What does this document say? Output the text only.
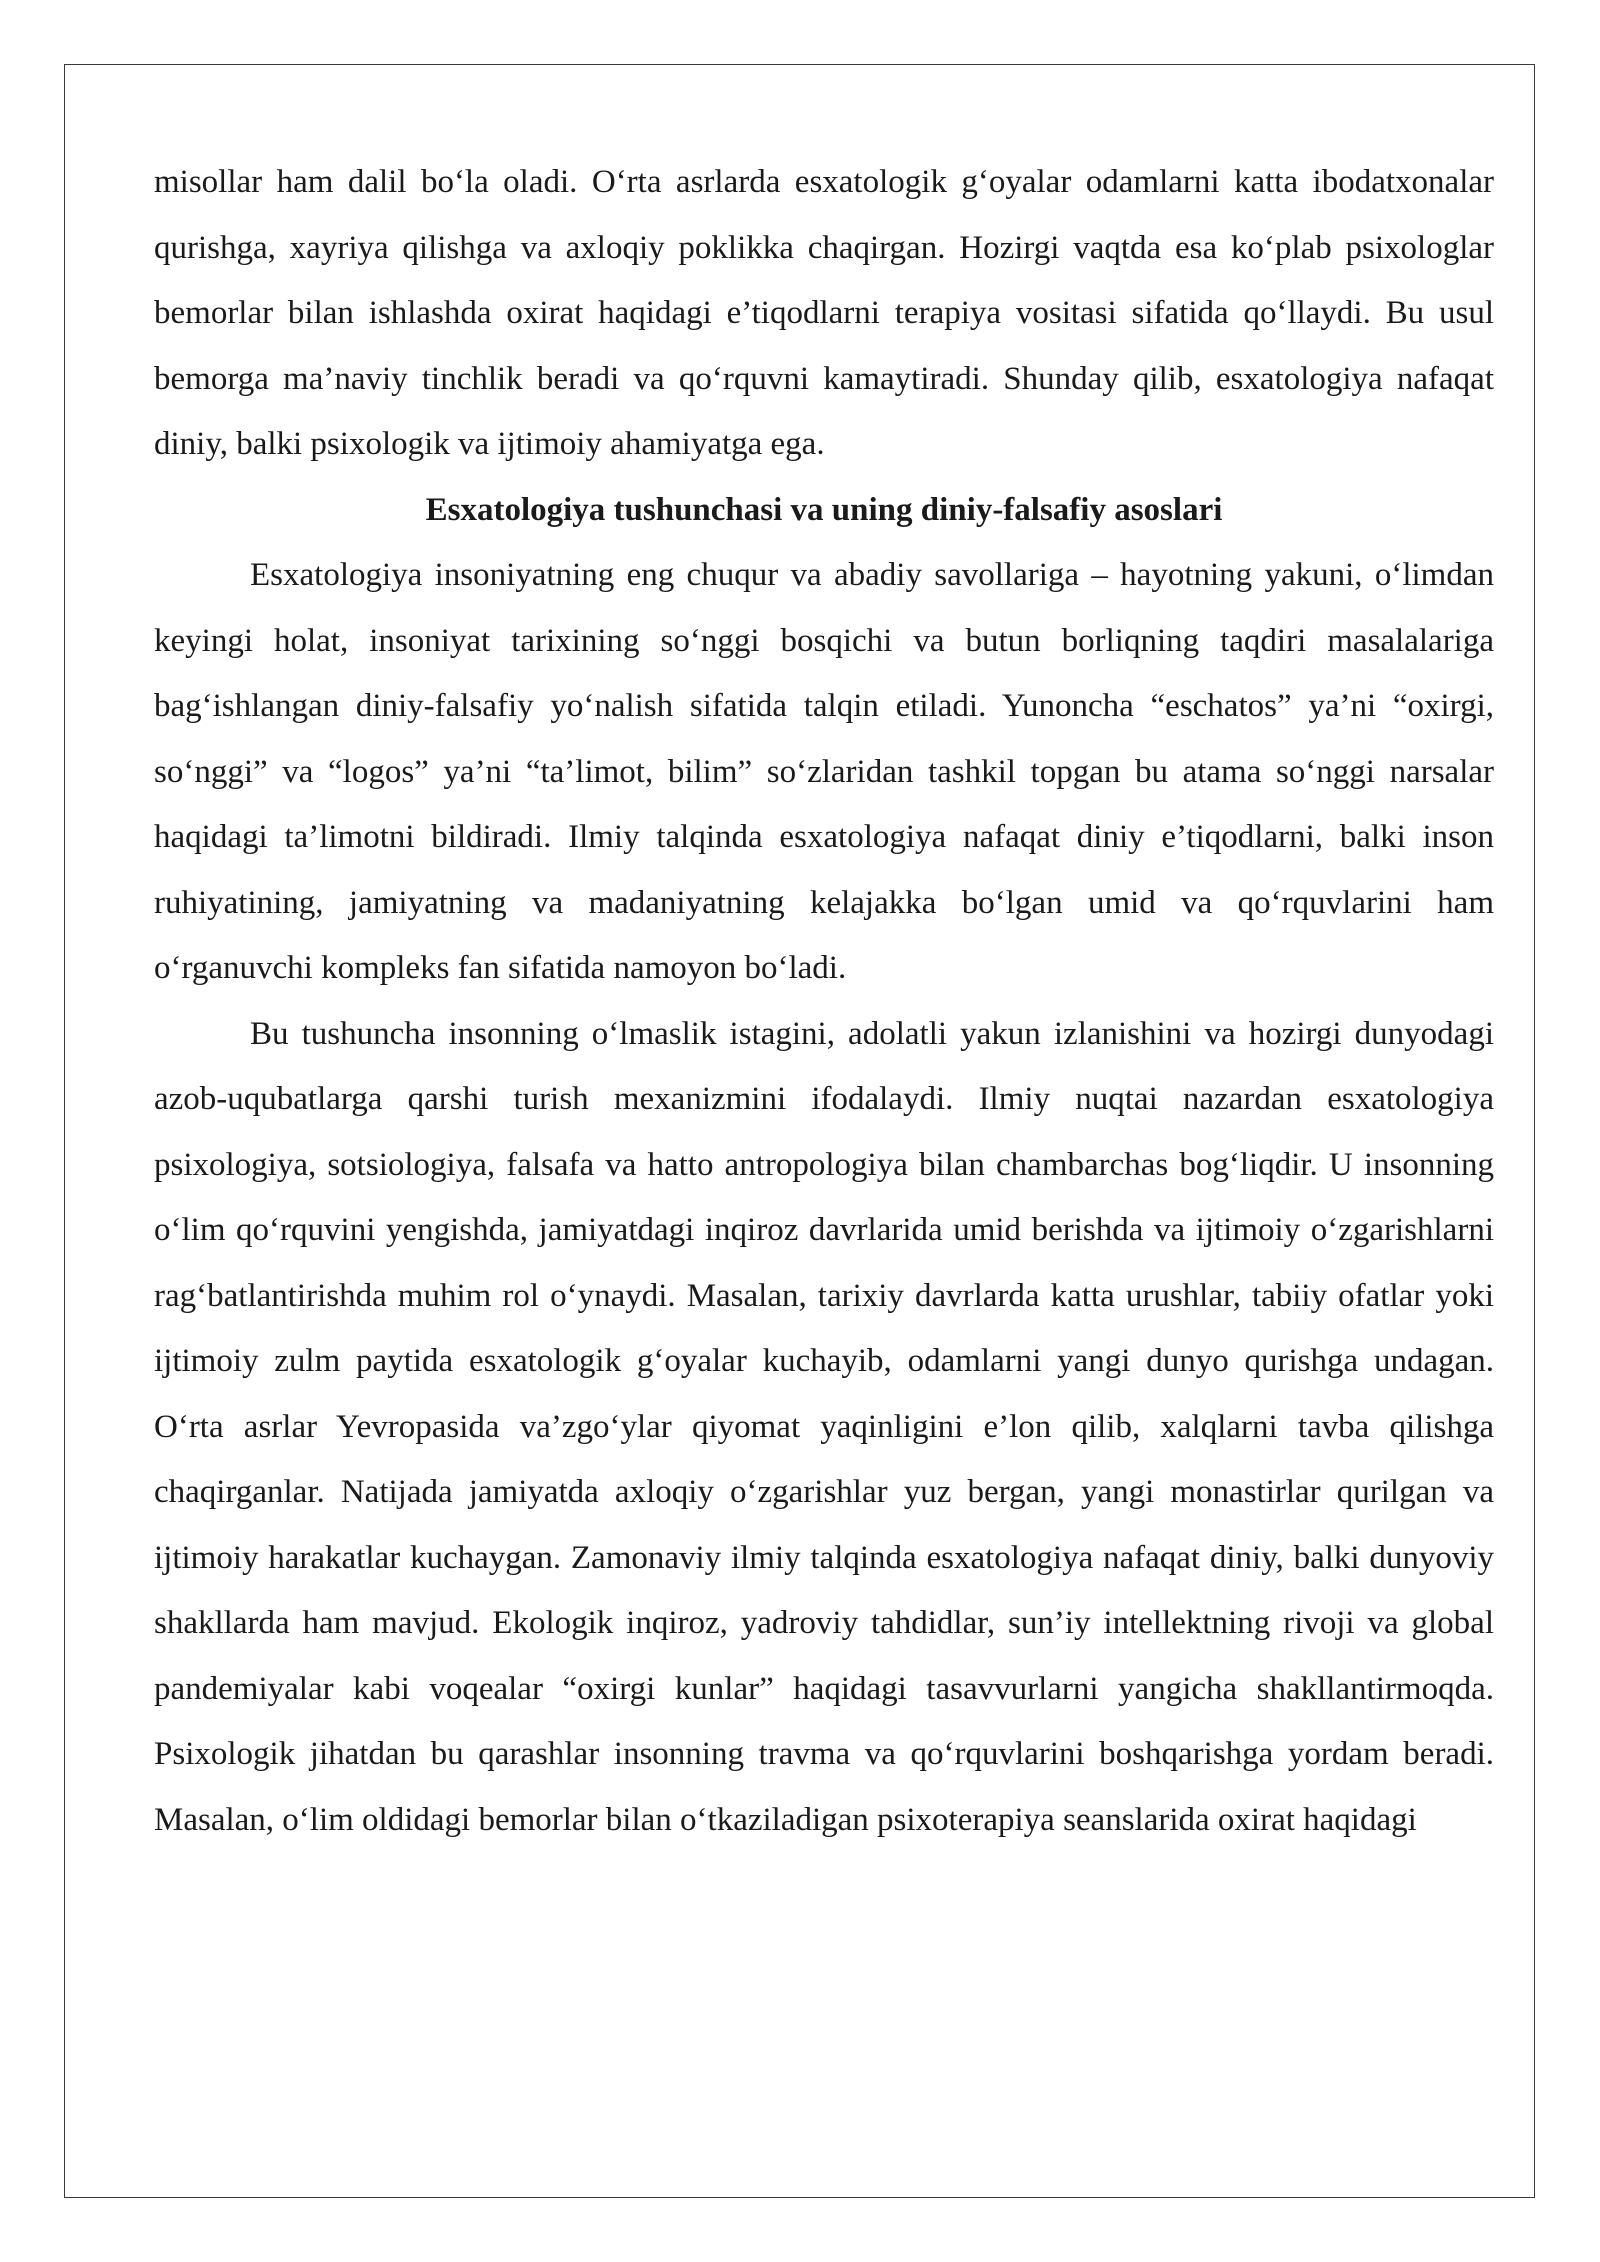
misollar ham dalil bo‘la oladi. O‘rta asrlarda esxatologik g‘oyalar odamlarni katta ibodatxonalar qurishga, xayriya qilishga va axloqiy poklikka chaqirgan. Hozirgi vaqtda esa ko‘plab psixologlar bemorlar bilan ishlashda oxirat haqidagi e’tiqodlarni terapiya vositasi sifatida qo‘llaydi. Bu usul bemorga ma’naviy tinchlik beradi va qo‘rquvni kamaytiradi. Shunday qilib, esxatologiya nafaqat diniy, balki psixologik va ijtimoiy ahamiyatga ega.

Esxatologiya tushunchasi va uning diniy-falsafiy asoslari

Esxatologiya insoniyatning eng chuqur va abadiy savollariga – hayotning yakuni, o‘limdan keyingi holat, insoniyat tarixining so‘nggi bosqichi va butun borliqning taqdiri masalalariga bag‘ishlangan diniy-falsafiy yo‘nalish sifatida talqin etiladi. Yunoncha “eschatos” ya’ni “oxirgi, so‘nggi” va “logos” ya’ni “ta’limot, bilim” so‘zlaridan tashkil topgan bu atama so‘nggi narsalar haqidagi ta’limotni bildiradi. Ilmiy talqinda esxatologiya nafaqat diniy e’tiqodlarni, balki inson ruhiyatining, jamiyatning va madaniyatning kelajakka bo‘lgan umid va qo‘rquvlarini ham o‘rganuvchi kompleks fan sifatida namoyon bo‘ladi.

Bu tushuncha insonning o‘lmaslik istagini, adolatli yakun izlanishini va hozirgi dunyodagi azob-uqubatlarga qarshi turish mexanizmini ifodalaydi. Ilmiy nuqtai nazardan esxatologiya psixologiya, sotsiologiya, falsafa va hatto antropologiya bilan chambarchas bog‘liqdir. U insonning o‘lim qo‘rquvini yengishda, jamiyatdagi inqiroz davrlarida umid berishda va ijtimoiy o‘zgarishlarni rag‘batlantirishda muhim rol o‘ynaydi. Masalan, tarixiy davrlarda katta urushlar, tabiiy ofatlar yoki ijtimoiy zulm paytida esxatologik g‘oyalar kuchayib, odamlarni yangi dunyo qurishga undagan. O‘rta asrlar Yevropasida va’zgo‘ylar qiyomat yaqinligini e’lon qilib, xalqlarni tavba qilishga chaqirganlar. Natijada jamiyatda axloqiy o‘zgarishlar yuz bergan, yangi monastirlar qurilgan va ijtimoiy harakatlar kuchaygan. Zamonaviy ilmiy talqinda esxatologiya nafaqat diniy, balki dunyoviy shakllarda ham mavjud. Ekologik inqiroz, yadroviy tahdidlar, sun’iy intellektning rivoji va global pandemiyalar kabi voqealar “oxirgi kunlar” haqidagi tasavvurlarni yangicha shakllantirmoqda. Psixologik jihatdan bu qarashlar insonning travma va qo‘rquvlarini boshqarishga yordam beradi. Masalan, o‘lim oldidagi bemorlar bilan o‘tkaziladigan psixoterapiya seanslarida oxirat haqidagi
